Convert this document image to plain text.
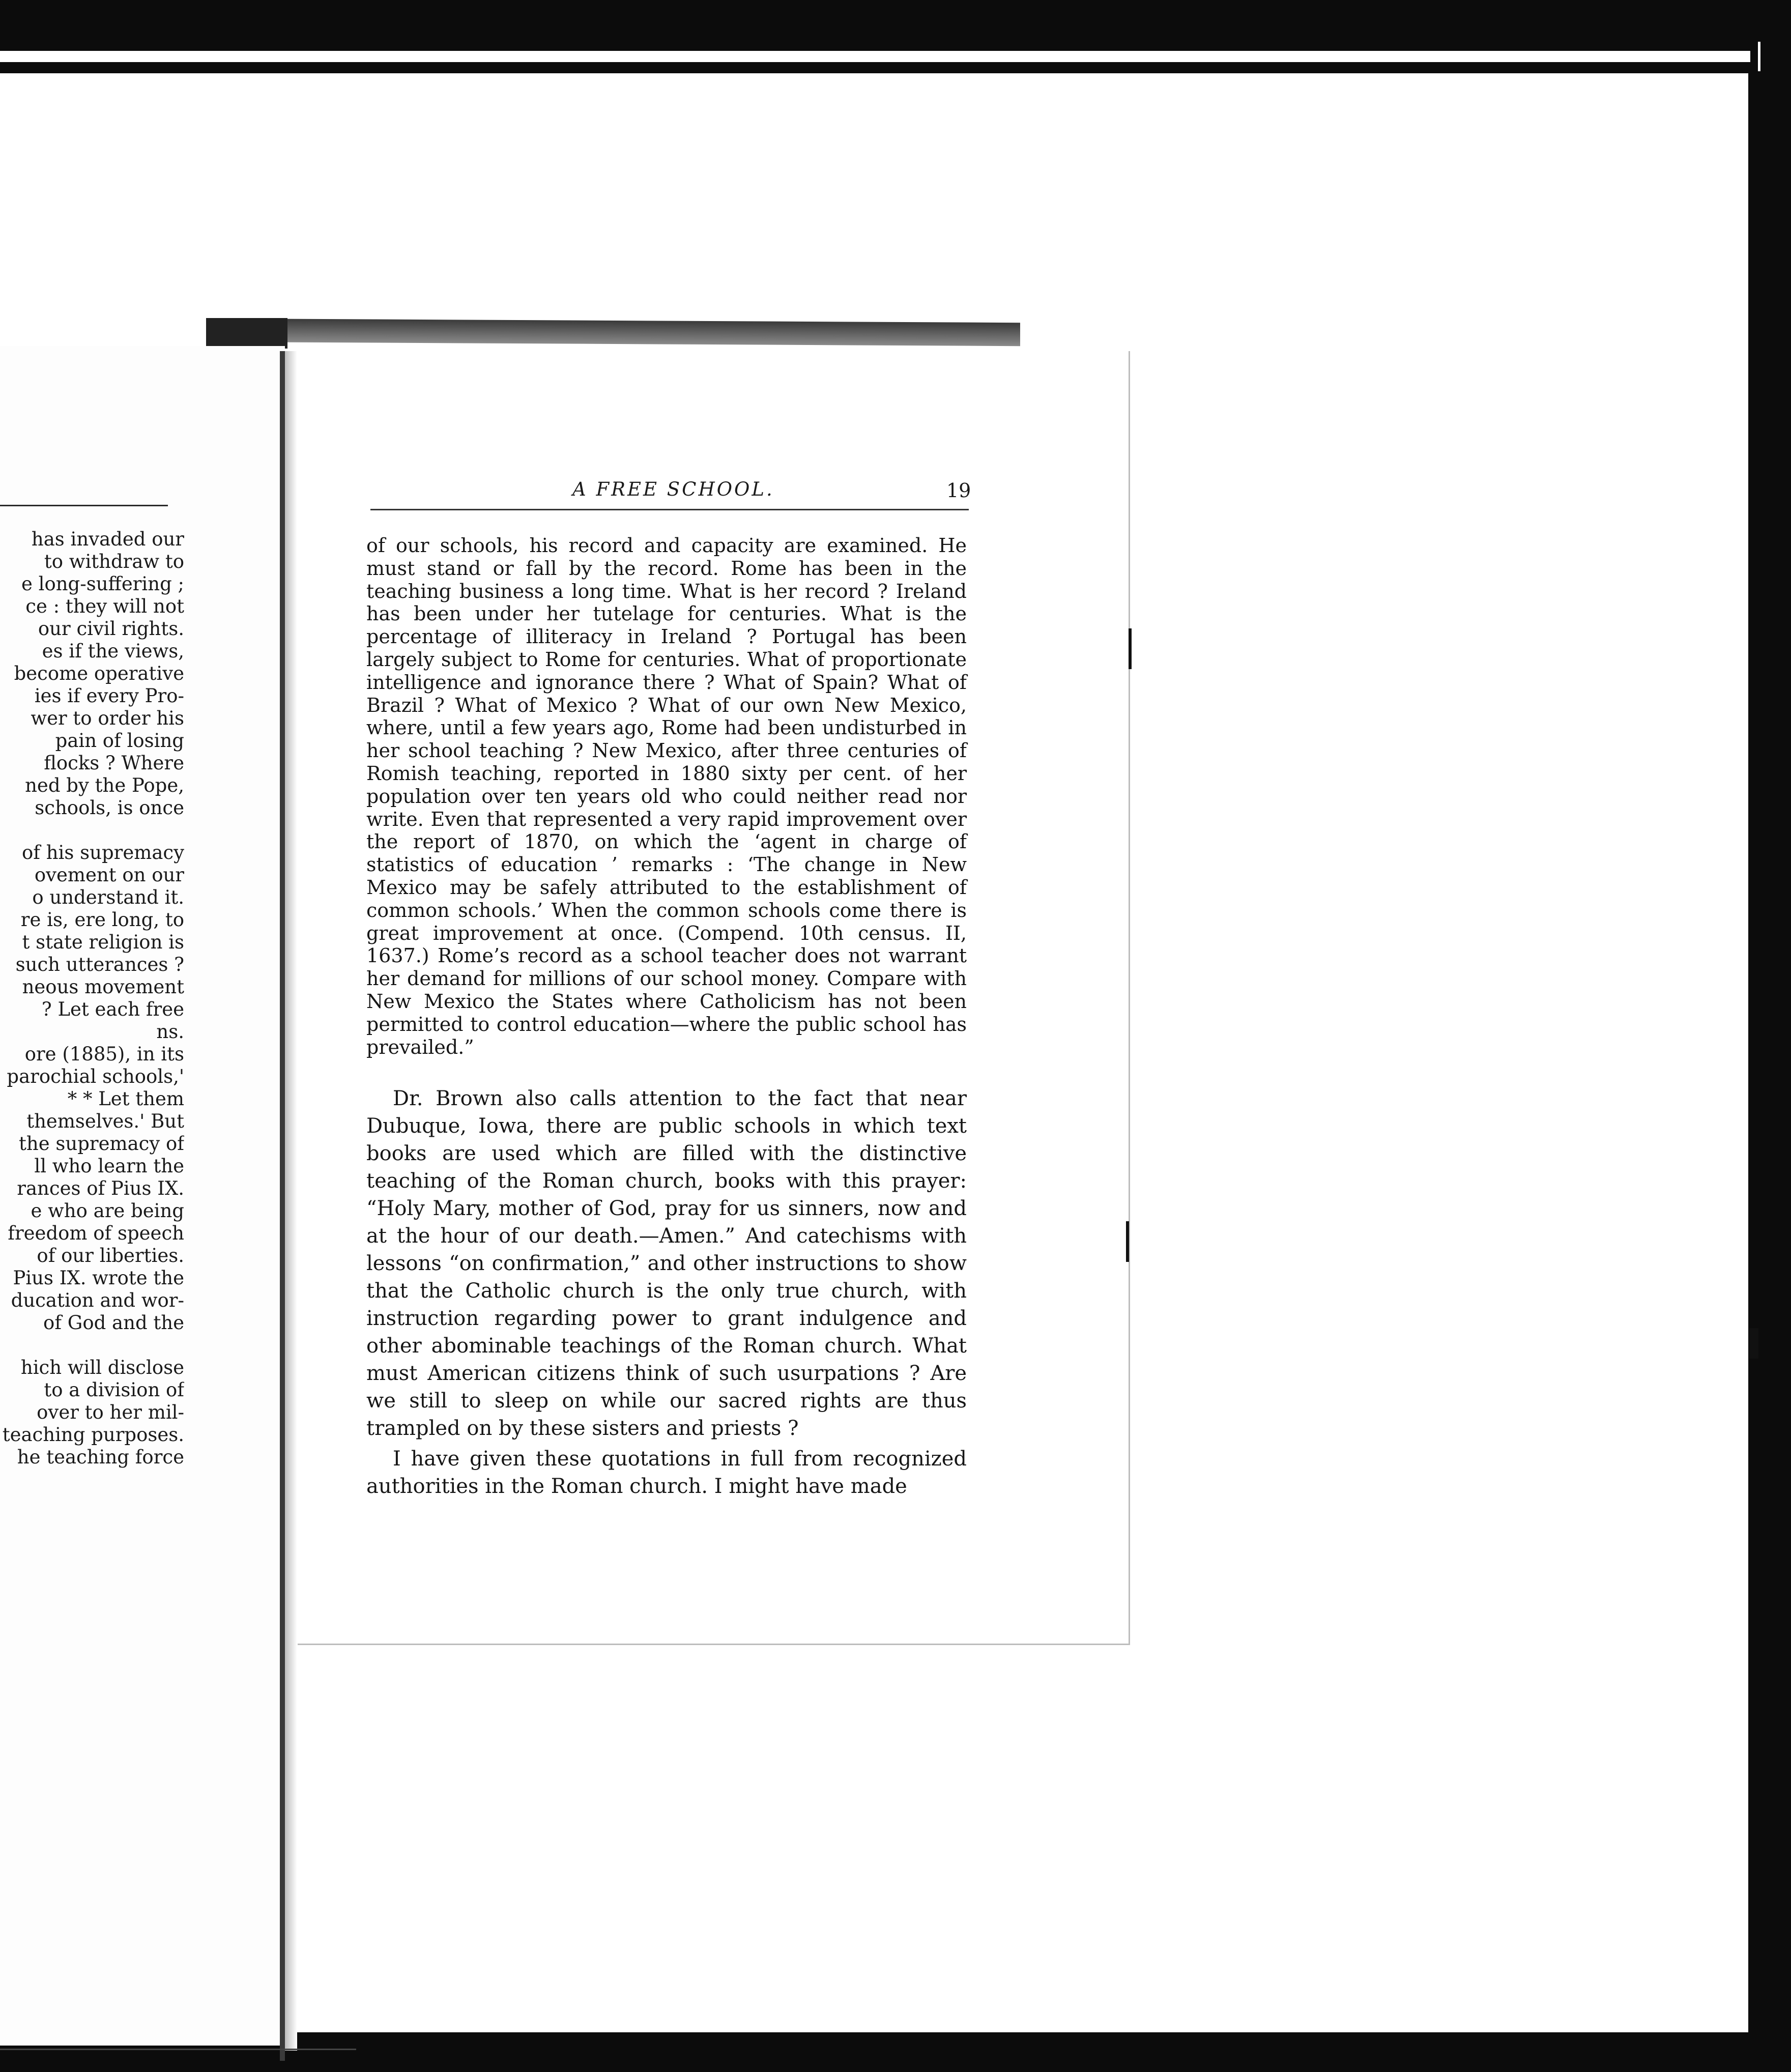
has invaded our
to withdraw to
e long-suffering ;
ce : they will not
our civil rights.
es if the views,
become operative
ies if every Pro-
wer to order his
pain of losing
flocks ? Where
ned by the Pope,
schools, is once
of his supremacy
ovement on our
o understand it.
re is, ere long, to
t state religion is
such utterances ?
neous movement
? Let each free
ns.
ore (1885), in its
parochial schools,'
* * Let them
themselves.' But
the supremacy of
ll who learn the
rances of Pius IX.
e who are being
freedom of speech
of our liberties.
Pius IX. wrote the
ducation and wor-
of God and the
hich will disclose
to a division of
over to her mil-
teaching purposes.
he teaching force
A FREE SCHOOL.	19

of our schools, his record and capacity are examined. He must stand or fall by the record. Rome has been in the teaching business a long time. What is her record ? Ireland has been under her tutelage for centuries. What is the percentage of illiteracy in Ireland ? Portugal has been largely subject to Rome for centuries. What of proportionate intelligence and ignorance there ? What of Spain? What of Brazil ? What of Mexico ? What of our own New Mexico, where, until a few years ago, Rome had been undisturbed in her school teaching ? New Mexico, after three centuries of Romish teaching, reported in 1880 sixty per cent. of her population over ten years old who could neither read nor write. Even that represented a very rapid improvement over the report of 1870, on which the ‘agent in charge of statistics of education ’ remarks : ‘The change in New Mexico may be safely attributed to the establishment of common schools.’ When the common schools come there is great improvement at once. (Compend. 10th census. II, 1637.) Rome’s record as a school teacher does not warrant her demand for millions of our school money. Compare with New Mexico the States where Catholicism has not been permitted to control education—where the public school has prevailed.”

Dr. Brown also calls attention to the fact that near Dubuque, Iowa, there are public schools in which text books are used which are filled with the distinctive teaching of the Roman church, books with this prayer: “Holy Mary, mother of God, pray for us sinners, now and at the hour of our death.—Amen.” And catechisms with lessons “on confirmation,” and other instructions to show that the Catholic church is the only true church, with instruction regarding power to grant indulgence and other abominable teachings of the Roman church. What must American citizens think of such usurpations ? Are we still to sleep on while our sacred rights are thus trampled on by these sisters and priests ?

I have given these quotations in full from recognized authorities in the Roman church. I might have made
